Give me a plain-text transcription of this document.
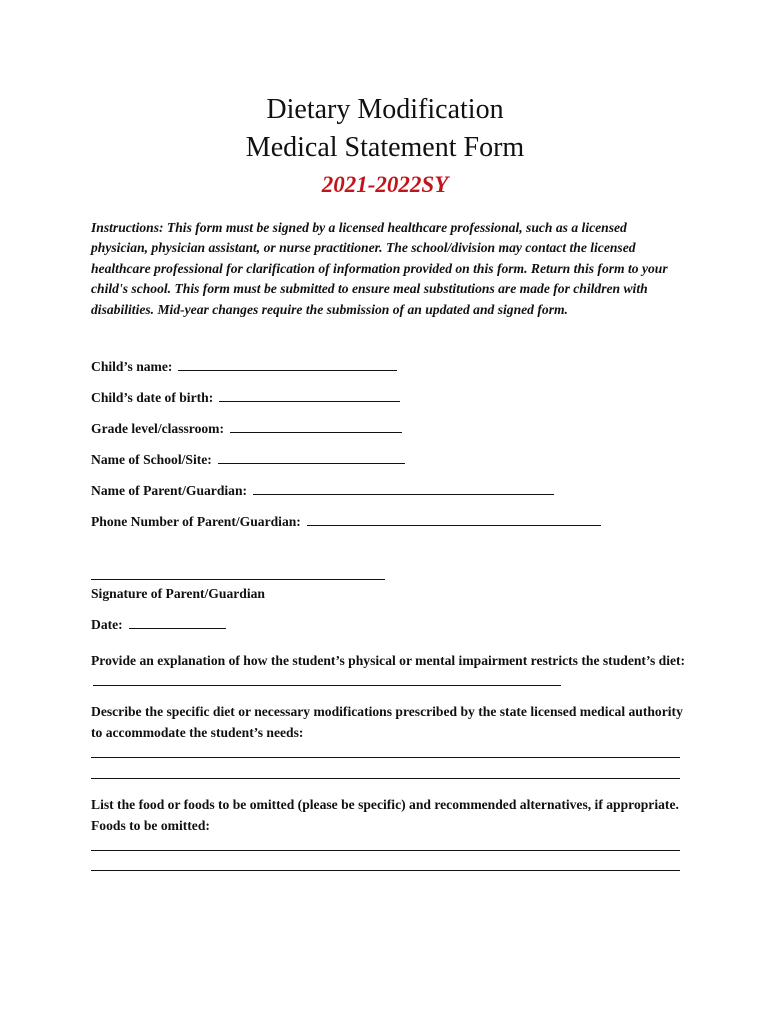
Dietary Modification
Medical Statement Form
2021-2022SY

Instructions: This form must be signed by a licensed healthcare professional, such as a licensed physician, physician assistant, or nurse practitioner. The school/division may contact the licensed healthcare professional for clarification of information provided on this form. Return this form to your child's school. This form must be submitted to ensure meal substitutions are made for children with disabilities. Mid-year changes require the submission of an updated and signed form.

Child’s name:
Child’s date of birth:
Grade level/classroom:
Name of School/Site:
Name of Parent/Guardian:
Phone Number of Parent/Guardian:
Signature of Parent/Guardian
Date:

Provide an explanation of how the student’s physical or mental impairment restricts the student’s diet:

Describe the specific diet or necessary modifications prescribed by the state licensed medical authority to accommodate the student’s needs:

List the food or foods to be omitted (please be specific) and recommended alternatives, if appropriate. Foods to be omitted:
